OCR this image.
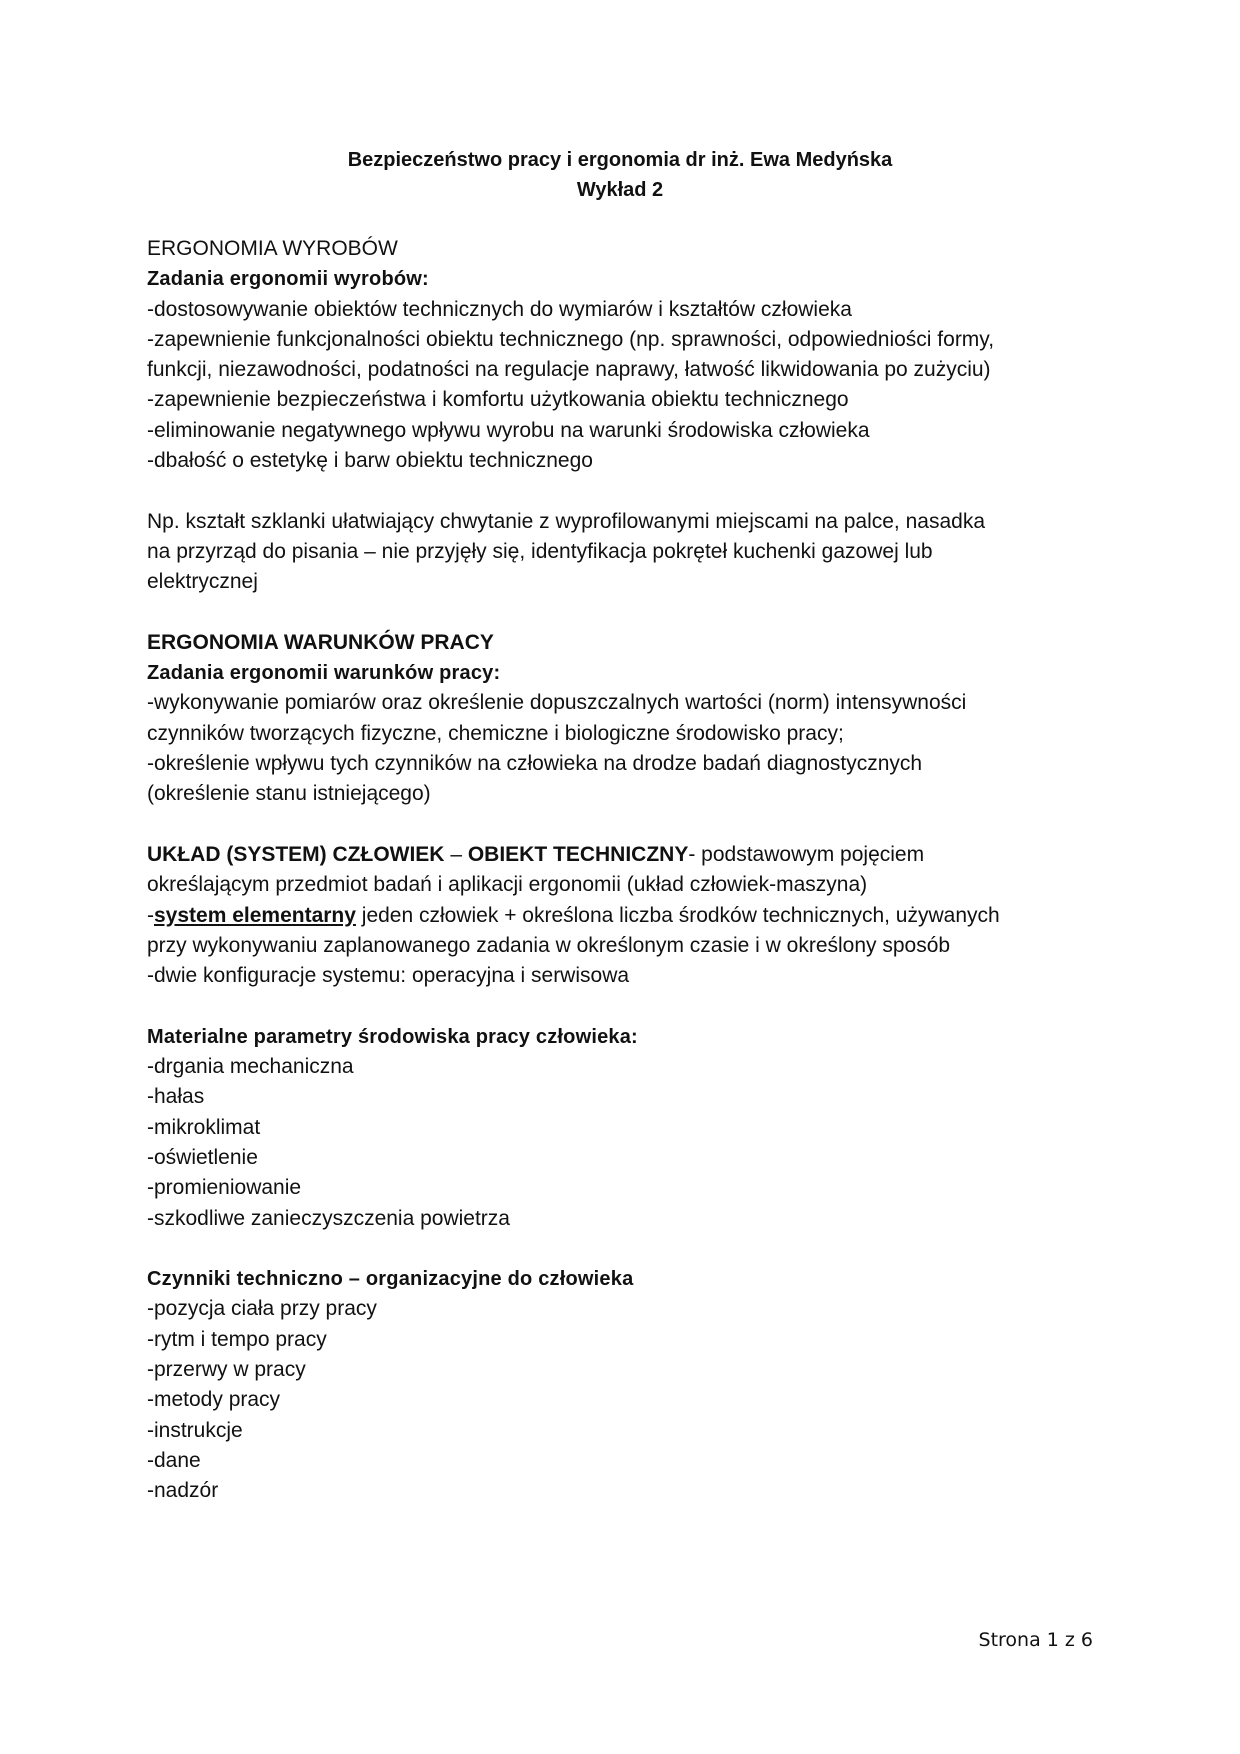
Bezpieczeństwo pracy i ergonomia dr inż. Ewa Medyńska
Wykład 2
ERGONOMIA WYROBÓW
Zadania ergonomii wyrobów:
-dostosowywanie obiektów technicznych do wymiarów i kształtów człowieka
-zapewnienie funkcjonalności obiektu technicznego (np. sprawności, odpowiedniości formy,
funkcji, niezawodności, podatności na regulacje naprawy, łatwość likwidowania po zużyciu)
-zapewnienie bezpieczeństwa i komfortu użytkowania obiektu technicznego
-eliminowanie negatywnego wpływu wyrobu na warunki środowiska człowieka
-dbałość o estetykę i barw obiektu technicznego
Np. kształt szklanki ułatwiający chwytanie z wyprofilowanymi miejscami na palce, nasadka
na przyrząd do pisania – nie przyjęły się, identyfikacja pokręteł kuchenki gazowej lub
elektrycznej
ERGONOMIA WARUNKÓW PRACY
Zadania ergonomii warunków pracy:
-wykonywanie pomiarów oraz określenie dopuszczalnych wartości (norm) intensywności
czynników tworzących fizyczne, chemiczne i biologiczne środowisko pracy;
-określenie wpływu tych czynników na człowieka na drodze badań diagnostycznych
(określenie stanu istniejącego)
UKŁAD (SYSTEM) CZŁOWIEK – OBIEKT TECHNICZNY- podstawowym pojęciem
określającym przedmiot badań i aplikacji ergonomii (układ człowiek-maszyna)
-system elementarny jeden człowiek + określona liczba środków technicznych, używanych
przy wykonywaniu zaplanowanego zadania w określonym czasie i w określony sposób
-dwie konfiguracje systemu: operacyjna i serwisowa
Materialne parametry środowiska pracy człowieka:
-drgania mechaniczna
-hałas
-mikroklimat
-oświetlenie
-promieniowanie
-szkodliwe zanieczyszczenia powietrza
Czynniki techniczno – organizacyjne do człowieka
-pozycja ciała przy pracy
-rytm i tempo pracy
-przerwy w pracy
-metody pracy
-instrukcje
-dane
-nadzór
Strona 1 z 6
